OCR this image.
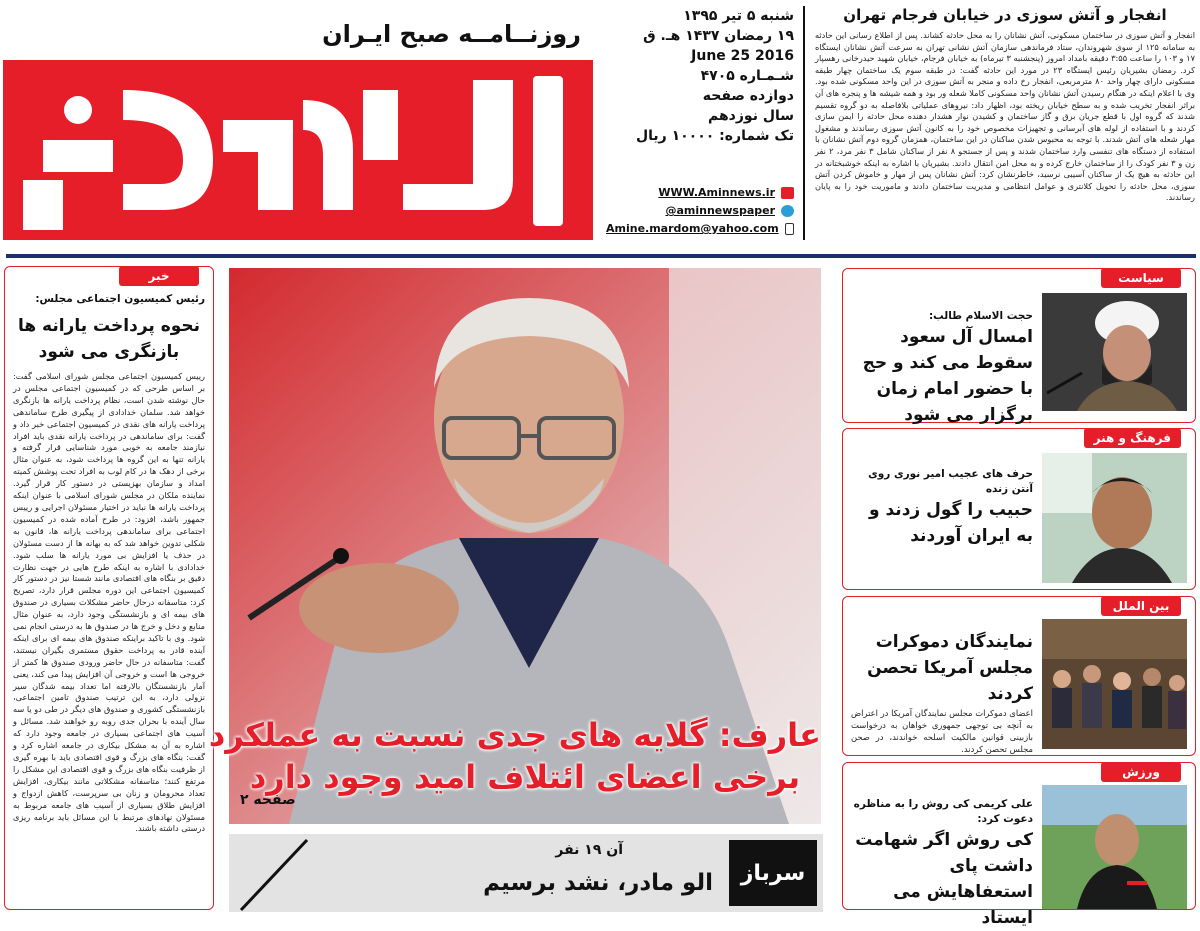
روزنــامــه صبح ایـران
شنبه ۵ تیر ۱۳۹۵
۱۹ رمضان ۱۴۳۷ هـ. ق
2016 June 25
شـمـاره ۴۷۰۵
دوازده صفحه
سال نوزدهم
تک شماره: ۱۰۰۰۰ ریال
WWW.Aminnews.ir
@aminnewspaper
Amine.mardom@yahoo.com
انفجار و آتش سوزی در خیابان فرجام تهران

انفجار و آتش سوزی در ساختمان مسکونی، آتش نشانان را به محل حادثه کشاند. پس از اطلاع رسانی این حادثه به سامانه ۱۲۵ از سوی شهروندان، ستاد فرماندهی سازمان آتش نشانی تهران به سرعت آتش نشانان ایستگاه ۱۷ و ۱۰۳ را ساعت ۳:۵۵ دقیقه بامداد امروز (پنجشنبه ۳ تیرماه) به خیابان فرجام، خیابان شهید حیدرخانی رهسپار کرد. رمضان بشیریان رئیس ایستگاه ۲۳ در مورد این حادثه گفت: در طبقه سوم یک ساختمان چهار طبقه مسکونی دارای چهار واحد ۸۰ مترمربعی، انفجار رخ داده و منجر به آتش سوزی در این واحد مسکونی شده بود. وی با اعلام اینکه در هنگام رسیدن آتش نشانان واحد مسکونی کاملا شعله ور بود و همه شیشه ها و پنجره های آن براثر انفجار تخریب شده و به سطح خیابان ریخته بود، اظهار داد: نیروهای عملیاتی بلافاصله به دو گروه تقسیم شدند که گروه اول با قطع جریان برق و گاز ساختمان و کشیدن نوار هشدار دهنده محل حادثه را ایمن سازی کردند و با استفاده از لوله های آبرسانی و تجهیزات مخصوص خود را به کانون آتش سوزی رساندند و مشغول مهار شعله های آتش شدند. با توجه به محبوس شدن ساکنان در این ساختمان، همزمان گروه دوم آتش نشانان با استفاده از دستگاه های تنفسی وارد ساختمان شدند و پس از جستجو ۸ نفر از ساکنان شامل ۳ نفر مرد، ۲ نفر زن و ۳ نفر کودک را از ساختمان خارج کرده و به محل امن انتقال دادند. بشیریان با اشاره به اینکه خوشبختانه در این حادثه به هیچ یک از ساکنان آسیبی نرسید، خاطرنشان کرد: آتش نشانان پس از مهار و خاموش کردن آتش سوزی، محل حادثه را تحویل کلانتری و عوامل انتظامی و مدیریت ساختمان دادند و ماموریت خود را به پایان رساندند.

خبر
رئیس کمیسیون اجتماعی مجلس:
نحوه پرداخت یارانه ها بازنگری می شود
رییس کمیسیون اجتماعی مجلس شورای اسلامی گفت: بر اساس طرحی که در کمیسیون اجتماعی مجلس در حال نوشته شدن است، نظام پرداخت یارانه ها بازنگری خواهد شد. سلمان خدادادی از پیگیری طرح ساماندهی پرداخت یارانه های نقدی در کمیسیون اجتماعی خبر داد و گفت: برای ساماندهی در پرداخت یارانه نقدی باید افراد نیازمند جامعه به خوبی مورد شناسایی قرار گرفته و یارانه تنها به این گروه ها پرداخت شود، به عنوان مثال برخی از دهک ها در کام لوب به افراد تحت پوشش کمیته امداد و سازمان بهزیستی در دستور کار قرار گیرد. نماینده ملکان در مجلس شورای اسلامی با عنوان اینکه پرداخت یارانه ها نباید در اختیار مسئولان اجرایی و رییس جمهور باشد، افزود: در طرح آماده شده در کمیسیون اجتماعی برای ساماندهی پرداخت یارانه ها، قانون به شکلی تدوین خواهد شد که به بهانه ها از دست مسئولان در حذف یا افزایش بی مورد یارانه ها سلب شود. خدادادی با اشاره به اینکه طرح هایی در جهت نظارت دقیق بر بنگاه های اقتصادی مانند شستا نیز در دستور کار کمیسیون اجتماعی این دوره مجلس قرار دارد، تصریح کرد: متاسفانه درحال حاضر مشکلات بسیاری در صندوق های بیمه ای و بازنشستگی وجود دارد، به عنوان مثال منابع و دخل و خرج ها در صندوق ها به درستی انجام نمی شود. وی با تاکید براینکه صندوق های بیمه ای برای اینکه آینده قادر به پرداخت حقوق مستمری بگیران نیستند، گفت: متاسفانه در حال حاضر ورودی صندوق ها کمتر از خروجی ها است و خروجی آن افزایش پیدا می کند، یعنی آمار بازنشستگان بالارفته اما تعداد بیمه شدگان سیر نزولی دارد، به این ترتیب صندوق تامین اجتماعی، بازنشستگی کشوری و صندوق های دیگر در طی دو یا سه سال آینده با بحران جدی روبه رو خواهند شد. مسائل و آسیب های اجتماعی بسیاری در جامعه وجود دارد که اشاره به آن به مشکل بیکاری در جامعه اشاره کرد و گفت: بنگاه های بزرگ و قوی اقتصادی باید با بهره گیری از ظرفیت بنگاه های بزرگ و قوی اقتصادی این مشکل را مرتفع کنند؛ متاسفانه مشکلاتی مانند بیکاری، افزایش تعداد محرومان و زنان بی سرپرست، کاهش ازدواج و افزایش طلاق بسیاری از آسیب های جامعه مربوط به مسئولان نهادهای مرتبط با این مسائل باید برنامه ریزی درستی داشته باشند.
عارف: گلایه های جدی نسبت به عملکرد
برخی اعضای ائتلاف امید وجود دارد
صفحه ۲
سرباز
آن ۱۹ نفر
الو مادر، نشد برسیم
سیاست
حجت الاسلام طالب:
امسال آل سعود سقوط می کند و حج با حضور امام زمان برگزار می شود
فرهنگ و هنر
حرف های عجیب امیر نوری روی آنتن زنده
حبیب را گول زدند و به ایران آوردند
بین الملل
نمایندگان دموکرات مجلس آمریکا تحصن کردند
اعضای دموکرات مجلس نمایندگان آمریکا در اعتراض به آنچه بی توجهی جمهوری خواهان به درخواست بازبینی قوانین مالکیت اسلحه خواندند، در صحن مجلس تحصن کردند.
ورزش
علی کریمی کی روش را به مناظره دعوت کرد:
کی روش اگر شهامت داشت پای استعفاهایش می ایستاد
